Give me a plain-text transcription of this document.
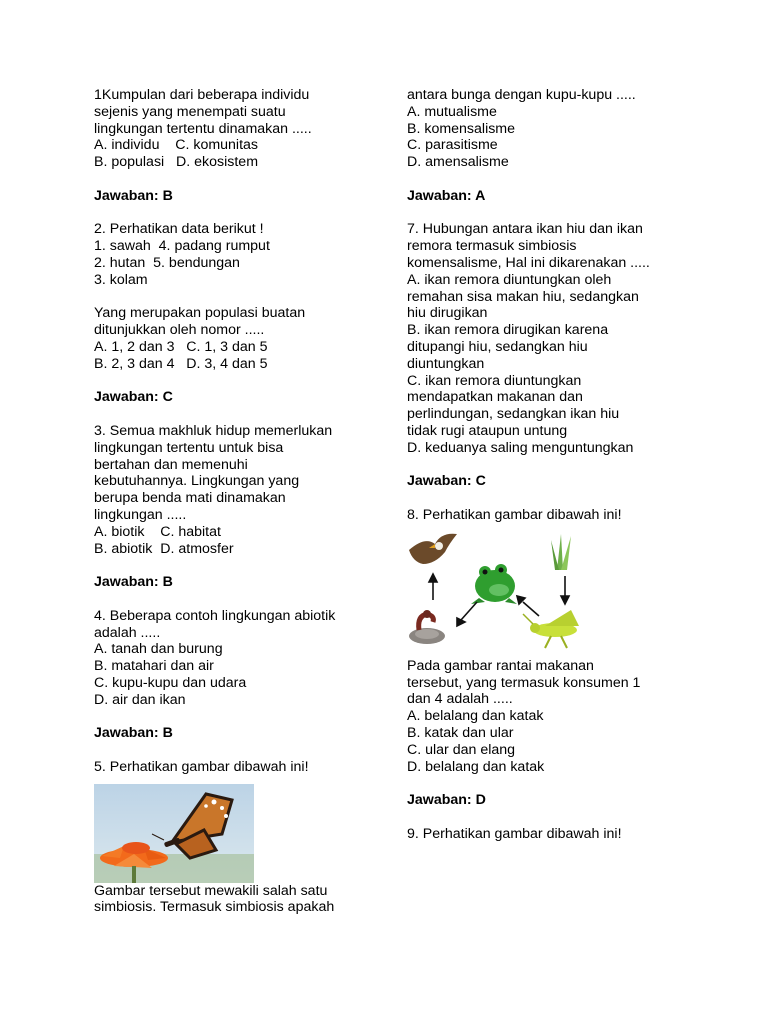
1Kumpulan dari beberapa individu
sejenis yang menempati suatu
lingkungan tertentu dinamakan .....
A. individu    C. komunitas
B. populasi   D. ekosistem
Jawaban: B
2. Perhatikan data berikut !
1. sawah  4. padang rumput
2. hutan  5. bendungan
3. kolam
Yang merupakan populasi buatan
ditunjukkan oleh nomor .....
A. 1, 2 dan 3   C. 1, 3 dan 5
B. 2, 3 dan 4   D. 3, 4 dan 5
Jawaban: C
3. Semua makhluk hidup memerlukan
lingkungan tertentu untuk bisa
bertahan dan memenuhi
kebutuhannya. Lingkungan yang
berupa benda mati dinamakan
lingkungan .....
A. biotik    C. habitat
B. abiotik  D. atmosfer
Jawaban: B
4. Beberapa contoh lingkungan abiotik
adalah .....
A. tanah dan burung
B. matahari dan air
C. kupu-kupu dan udara
D. air dan ikan
Jawaban: B
5. Perhatikan gambar dibawah ini!
Gambar tersebut mewakili salah satu
simbiosis. Termasuk simbiosis apakah
antara bunga dengan kupu-kupu .....
A. mutualisme
B. komensalisme
C. parasitisme
D. amensalisme
Jawaban: A
7. Hubungan antara ikan hiu dan ikan
remora termasuk simbiosis
komensalisme, Hal ini dikarenakan .....
A. ikan remora diuntungkan oleh
remahan sisa makan hiu, sedangkan
hiu dirugikan
B. ikan remora dirugikan karena
ditupangi hiu, sedangkan hiu
diuntungkan
C. ikan remora diuntungkan
mendapatkan makanan dan
perlindungan, sedangkan ikan hiu
tidak rugi ataupun untung
D. keduanya saling menguntungkan
Jawaban: C
8. Perhatikan gambar dibawah ini!
Pada gambar rantai makanan
tersebut, yang termasuk konsumen 1
dan 4 adalah .....
A. belalang dan katak
B. katak dan ular
C. ular dan elang
D. belalang dan katak
Jawaban: D
9. Perhatikan gambar dibawah ini!
